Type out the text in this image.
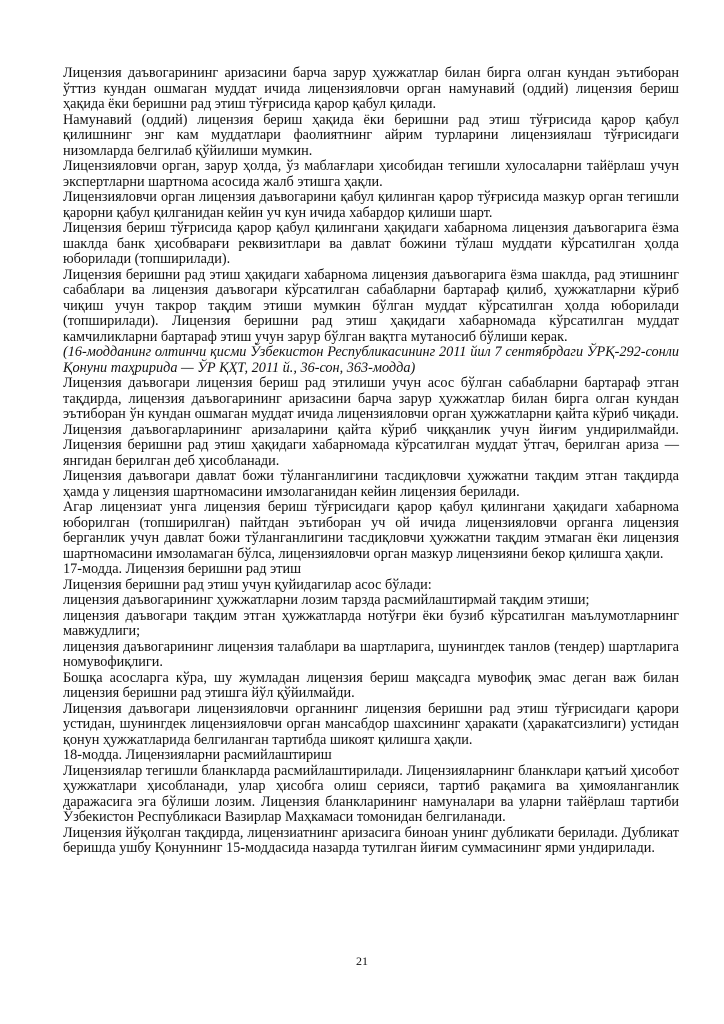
Лицензия даъвогарининг аризасини барча зарур ҳужжатлар билан бирга олган кундан эътиборан ўттиз кундан ошмаган муддат ичида лицензияловчи орган намунавий (оддий) лицензия бериш ҳақида ёки беришни рад этиш тўғрисида қарор қабул қилади.

Намунавий (оддий) лицензия бериш ҳақида ёки беришни рад этиш тўғрисида қарор қабул қилишнинг энг кам муддатлари фаолиятнинг айрим турларини лицензиялаш тўғрисидаги низомларда белгилаб қўйилиши мумкин.

Лицензияловчи орган, зарур ҳолда, ўз маблағлари ҳисобидан тегишли хулосаларни тайёрлаш учун экспертларни шартнома асосида жалб этишга ҳақли.

Лицензияловчи орган лицензия даъвогарини қабул қилинган қарор тўғрисида мазкур орган тегишли қарорни қабул қилганидан кейин уч кун ичида хабардор қилиши шарт.

Лицензия бериш тўғрисида қарор қабул қилингани ҳақидаги хабарнома лицензия даъвогарига ёзма шаклда банк ҳисобварағи реквизитлари ва давлат божини тўлаш муддати кўрсатилган ҳолда юборилади (топширилади).

Лицензия беришни рад этиш ҳақидаги хабарнома лицензия даъвогарига ёзма шаклда, рад этишнинг сабаблари ва лицензия даъвогари кўрсатилган сабабларни бартараф қилиб, ҳужжатларни кўриб чиқиш учун такрор тақдим этиши мумкин бўлган муддат кўрсатилган ҳолда юборилади (топширилади). Лицензия беришни рад этиш ҳақидаги хабарномада кўрсатилган муддат камчиликларни бартараф этиш учун зарур бўлган вақтга мутаносиб бўлиши керак.

(16-моддaнинг олтинчи қисми Ўзбекистон Республикасининг 2011 йил 7 сентябрдаги ЎРҚ-292-сонли Қонуни таҳририда — ЎР ҚҲТ, 2011 й., 36-сон, 363-модда)

Лицензия даъвогари лицензия бериш рад этилиши учун асос бўлган сабабларни бартараф этган тақдирда, лицензия даъвогарининг аризасини барча зарур ҳужжатлар билан бирга олган кундан эътиборан ўн кундан ошмаган муддат ичида лицензияловчи орган ҳужжатларни қайта кўриб чиқади. Лицензия даъвогарларининг аризаларини қайта кўриб чиққанлик учун йиғим ундирилмайди. Лицензия беришни рад этиш ҳақидаги хабарномада кўрсатилган муддат ўтгач, берилган ариза — янгидан берилган деб ҳисобланади.

Лицензия даъвогари давлат божи тўланганлигини тасдиқловчи ҳужжатни тақдим этган тақдирда ҳамда у лицензия шартномасини имзолаганидан кейин лицензия берилади.

Агар лицензиат унга лицензия бериш тўғрисидаги қарор қабул қилингани ҳақидаги хабарнома юборилган (топширилган) пайтдан эътиборан уч ой ичида лицензияловчи органга лицензия берганлик учун давлат божи тўланганлигини тасдиқловчи ҳужжатни тақдим этмаган ёки лицензия шартномасини имзоламаган бўлса, лицензияловчи орган мазкур лицензияни бекор қилишга ҳақли.

17-модда. Лицензия беришни рад этиш

Лицензия беришни рад этиш учун қуйидагилар асос бўлади:

лицензия даъвогарининг ҳужжатларни лозим тарзда расмийлаштирмай тақдим этиши;

лицензия даъвогари тақдим этган ҳужжатларда нотўғри ёки бузиб кўрсатилган маълумотларнинг мавжудлиги;

лицензия даъвогарининг лицензия талаблари ва шартларига, шунингдек танлов (тендер) шартларига номувофиқлиги.

Бошқа асосларга кўра, шу жумладан лицензия бериш мақсадга мувофиқ эмас деган важ билан лицензия беришни рад этишга йўл қўйилмайди.

Лицензия даъвогари лицензияловчи органнинг лицензия беришни рад этиш тўғрисидаги қарори устидан, шунингдек лицензияловчи орган мансабдор шахсининг ҳаракати (ҳаракатсизлиги) устидан қонун ҳужжатларида белгиланган тартибда шикоят қилишга ҳақли.

18-модда. Лицензияларни расмийлаштириш

Лицензиялар тегишли бланкларда расмийлаштирилади. Лицензияларнинг бланклари қатъий ҳисобот ҳужжатлари ҳисобланади, улар ҳисобга олиш серияси, тартиб рақамига ва ҳимояланганлик даражасига эга бўлиши лозим. Лицензия бланкларининг намуналари ва уларни тайёрлаш тартиби Ўзбекистон Республикаси Вазирлар Маҳкамаси томонидан белгиланади.

Лицензия йўқолган тақдирда, лицензиатнинг аризасига биноан унинг дубликати берилади. Дубликат беришда ушбу Қонуннинг 15-моддасида назарда тутилган йиғим суммасининг ярми ундирилади.

21
